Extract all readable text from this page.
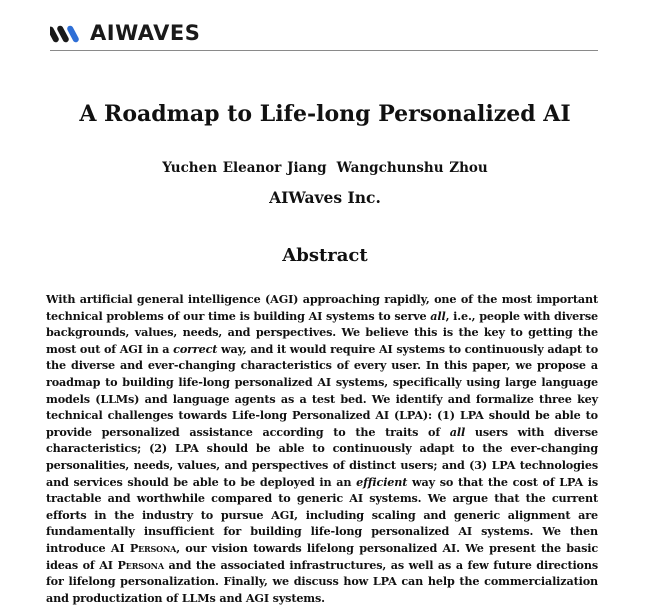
AIWAVES
A Roadmap to Life-long Personalized AI
Yuchen Eleanor Jiang Wangchunshu Zhou
AIWaves Inc.
Abstract
With artificial general intelligence (AGI) approaching rapidly, one of the most important technical problems of our time is building AI systems to serve all, i.e., people with diverse backgrounds, values, needs, and perspectives. We believe this is the key to getting the most out of AGI in a correct way, and it would require AI systems to continuously adapt to the diverse and ever-changing characteristics of every user. In this paper, we propose a roadmap to building life-long personalized AI systems, specifically using large language models (LLMs) and language agents as a test bed. We identify and formalize three key technical challenges towards Life-long Personalized AI (LPA): (1) LPA should be able to provide personalized assistance according to the traits of all users with diverse characteristics; (2) LPA should be able to continuously adapt to the ever-changing personalities, needs, values, and perspectives of distinct users; and (3) LPA technologies and services should be able to be deployed in an efficient way so that the cost of LPA is tractable and worthwhile compared to generic AI systems. We argue that the current efforts in the industry to pursue AGI, including scaling and generic alignment are fundamentally insufficient for building life-long personalized AI systems. We then introduce AI Persona, our vision towards lifelong personalized AI. We present the basic ideas of AI Persona and the associated infrastructures, as well as a few future directions for lifelong personalization. Finally, we discuss how LPA can help the commercialization and productization of LLMs and AGI systems.
